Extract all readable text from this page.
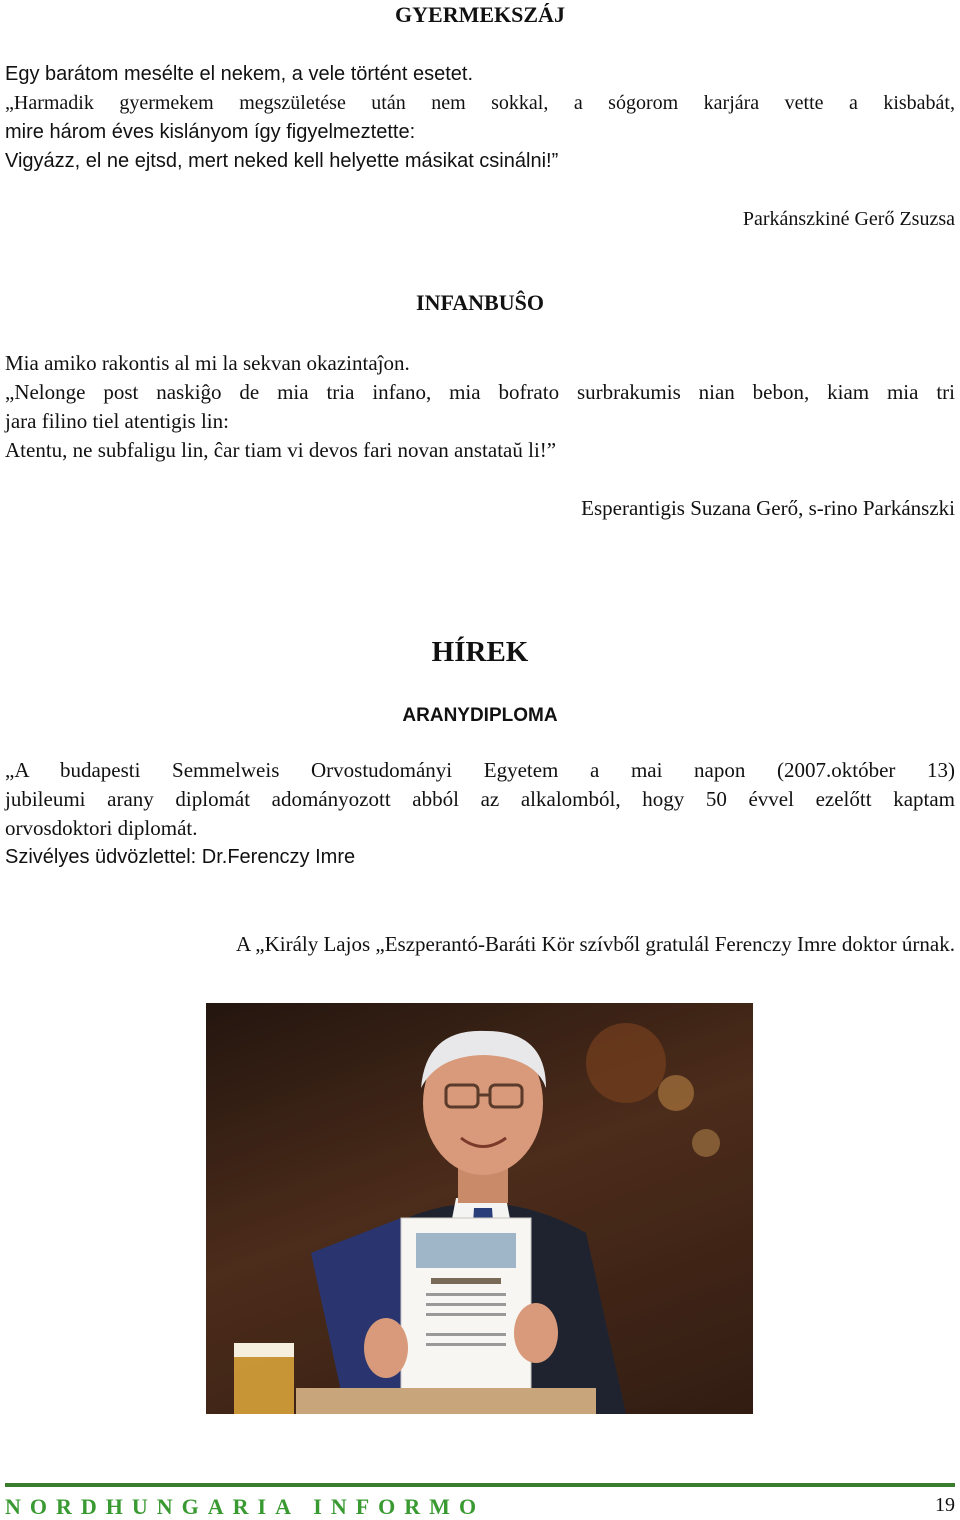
GYERMEKSZÁJ
Egy barátom mesélte el nekem, a vele történt esetet.
„Harmadik gyermekem megszületése után nem sokkal, a sógorom karjára vette a kisbabát,
mire három éves kislányom így figyelmeztette:
Vigyázz, el ne ejtsd, mert neked kell helyette másikat csinálni!”
Parkánszkiné Gerő Zsuzsa
INFANBUŜO
Mia amiko rakontis al mi la sekvan okazintaĵon.
„Nelonge post naskiĝo de mia tria infano, mia bofrato surbrakumis nian bebon, kiam mia tri
jara filino tiel atentigis lin:
Atentu, ne subfaligu lin, ĉar tiam vi devos fari novan anstataŭ li!”
Esperantigis Suzana Gerő, s-rino Parkánszki
HÍREK
ARANYDIPLOMA
„A budapesti Semmelweis Orvostudományi Egyetem a mai napon (2007.október 13)
jubileumi arany diplomát adományozott abból az alkalomból, hogy 50 évvel ezelőtt kaptam
orvosdoktori diplomát.
Szivélyes üdvözlettel: Dr.Ferenczy Imre
A „Király Lajos „Eszperantó-Baráti Kör szívből gratulál Ferenczy Imre doktor úrnak.
NORDHUNGARIA INFORMO	19
